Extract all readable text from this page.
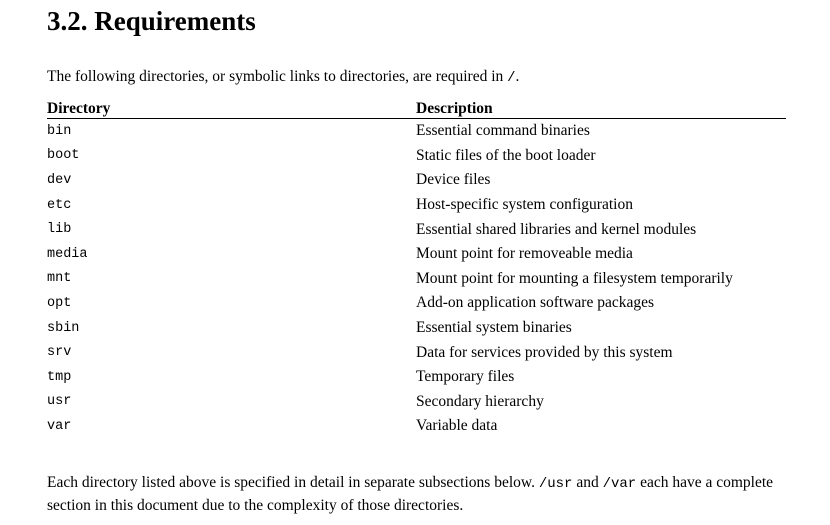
3.2. Requirements

The following directories, or symbolic links to directories, are required in /.

Directory	Description
bin	Essential command binaries
boot	Static files of the boot loader
dev	Device files
etc	Host-specific system configuration
lib	Essential shared libraries and kernel modules
media	Mount point for removeable media
mnt	Mount point for mounting a filesystem temporarily
opt	Add-on application software packages
sbin	Essential system binaries
srv	Data for services provided by this system
tmp	Temporary files
usr	Secondary hierarchy
var	Variable data

Each directory listed above is specified in detail in separate subsections below. /usr and /var each have a complete section in this document due to the complexity of those directories.
